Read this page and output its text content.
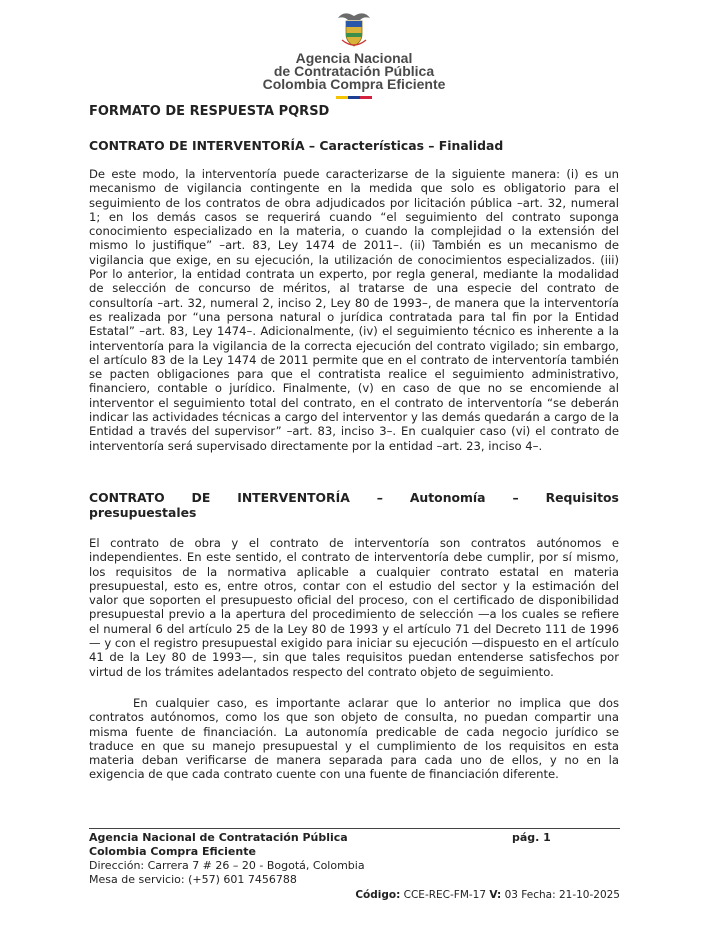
Agencia Nacional
de Contratación Pública
Colombia Compra Eficiente
FORMATO DE RESPUESTA PQRSD
CONTRATO DE INTERVENTORÍA – Características – Finalidad

De este modo, la interventoría puede caracterizarse de la siguiente manera: (i) es un mecanismo de vigilancia contingente en la medida que solo es obligatorio para el seguimiento de los contratos de obra adjudicados por licitación pública –art. 32, numeral 1; en los demás casos se requerirá cuando “el seguimiento del contrato suponga conocimiento especializado en la materia, o cuando la complejidad o la extensión del mismo lo justifique” –art. 83, Ley 1474 de 2011–. (ii) También es un mecanismo de vigilancia que exige, en su ejecución, la utilización de conocimientos especializados. (iii) Por lo anterior, la entidad contrata un experto, por regla general, mediante la modalidad de selección de concurso de méritos, al tratarse de una especie del contrato de consultoría –art. 32, numeral 2, inciso 2, Ley 80 de 1993–, de manera que la interventoría es realizada por “una persona natural o jurídica contratada para tal fin por la Entidad Estatal” –art. 83, Ley 1474–. Adicionalmente, (iv) el seguimiento técnico es inherente a la interventoría para la vigilancia de la correcta ejecución del contrato vigilado; sin embargo, el artículo 83 de la Ley 1474 de 2011 permite que en el contrato de interventoría también se pacten obligaciones para que el contratista realice el seguimiento administrativo, financiero, contable o jurídico. Finalmente, (v) en caso de que no se encomiende al interventor el seguimiento total del contrato, en el contrato de interventoría “se deberán indicar las actividades técnicas a cargo del interventor y las demás quedarán a cargo de la Entidad a través del supervisor” –art. 83, inciso 3–. En cualquier caso (vi) el contrato de interventoría será supervisado directamente por la entidad –art. 23, inciso 4–.

CONTRATO DE INTERVENTORÍA – Autonomía – Requisitos
presupuestales

El contrato de obra y el contrato de interventoría son contratos autónomos e independientes. En este sentido, el contrato de interventoría debe cumplir, por sí mismo, los requisitos de la normativa aplicable a cualquier contrato estatal en materia presupuestal, esto es, entre otros, contar con el estudio del sector y la estimación del valor que soporten el presupuesto oficial del proceso, con el certificado de disponibilidad presupuestal previo a la apertura del procedimiento de selección —a los cuales se refiere el numeral 6 del artículo 25 de la Ley 80 de 1993 y el artículo 71 del Decreto 111 de 1996— y con el registro presupuestal exigido para iniciar su ejecución —dispuesto en el artículo 41 de la Ley 80 de 1993—, sin que tales requisitos puedan entenderse satisfechos por virtud de los trámites adelantados respecto del contrato objeto de seguimiento.

En cualquier caso, es importante aclarar que lo anterior no implica que dos contratos autónomos, como los que son objeto de consulta, no puedan compartir una misma fuente de financiación. La autonomía predicable de cada negocio jurídico se traduce en que su manejo presupuestal y el cumplimiento de los requisitos en esta materia deban verificarse de manera separada para cada uno de ellos, y no en la exigencia de que cada contrato cuente con una fuente de financiación diferente.

Agencia Nacional de Contratación Pública
Colombia Compra Eficiente
Dirección: Carrera 7 # 26 – 20 - Bogotá, Colombia
Mesa de servicio: (+57) 601 7456788
pág. 1
Código: CCE-REC-FM-17 V: 03 Fecha: 21-10-2025
